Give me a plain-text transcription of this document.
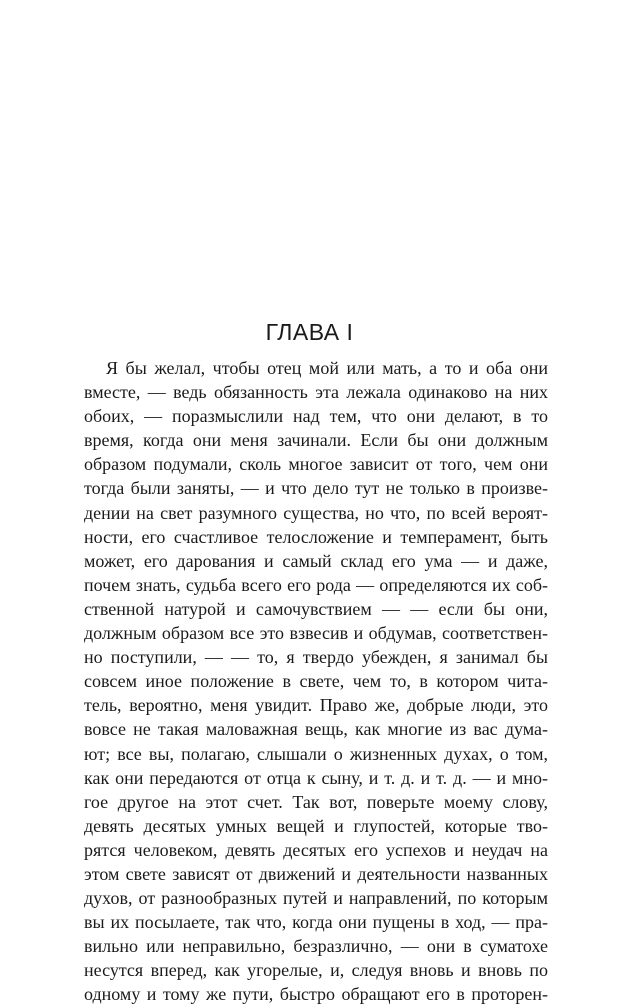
ГЛАВА I
Я бы желал, чтобы отец мой или мать, а то и оба они
вместе, — ведь обязанность эта лежала одинаково на них
обоих, — поразмыслили над тем, что они делают, в то
время, когда они меня зачинали. Если бы они должным
образом подумали, сколь многое зависит от того, чем они
тогда были заняты, — и что дело тут не только в произве-
дении на свет разумного существа, но что, по всей вероят-
ности, его счастливое телосложение и темперамент, быть
может, его дарования и самый склад его ума — и даже,
почем знать, судьба всего его рода — определяются их соб-
ственной натурой и самочувствием — — если бы они,
должным образом все это взвесив и обдумав, соответствен-
но поступили, — — то, я твердо убежден, я занимал бы
совсем иное положение в свете, чем то, в котором чита-
тель, вероятно, меня увидит. Право же, добрые люди, это
вовсе не такая маловажная вещь, как многие из вас дума-
ют; все вы, полагаю, слышали о жизненных духах, о том,
как они передаются от отца к сыну, и т. д. и т. д. — и мно-
гое другое на этот счет. Так вот, поверьте моему слову,
девять десятых умных вещей и глупостей, которые тво-
рятся человеком, девять десятых его успехов и неудач на
этом свете зависят от движений и деятельности названных
духов, от разнообразных путей и направлений, по которым
вы их посылаете, так что, когда они пущены в ход, — пра-
вильно или неправильно, безразлично, — они в суматохе
несутся вперед, как угорелые, и, следуя вновь и вновь по
одному и тому же пути, быстро обращают его в проторен-
